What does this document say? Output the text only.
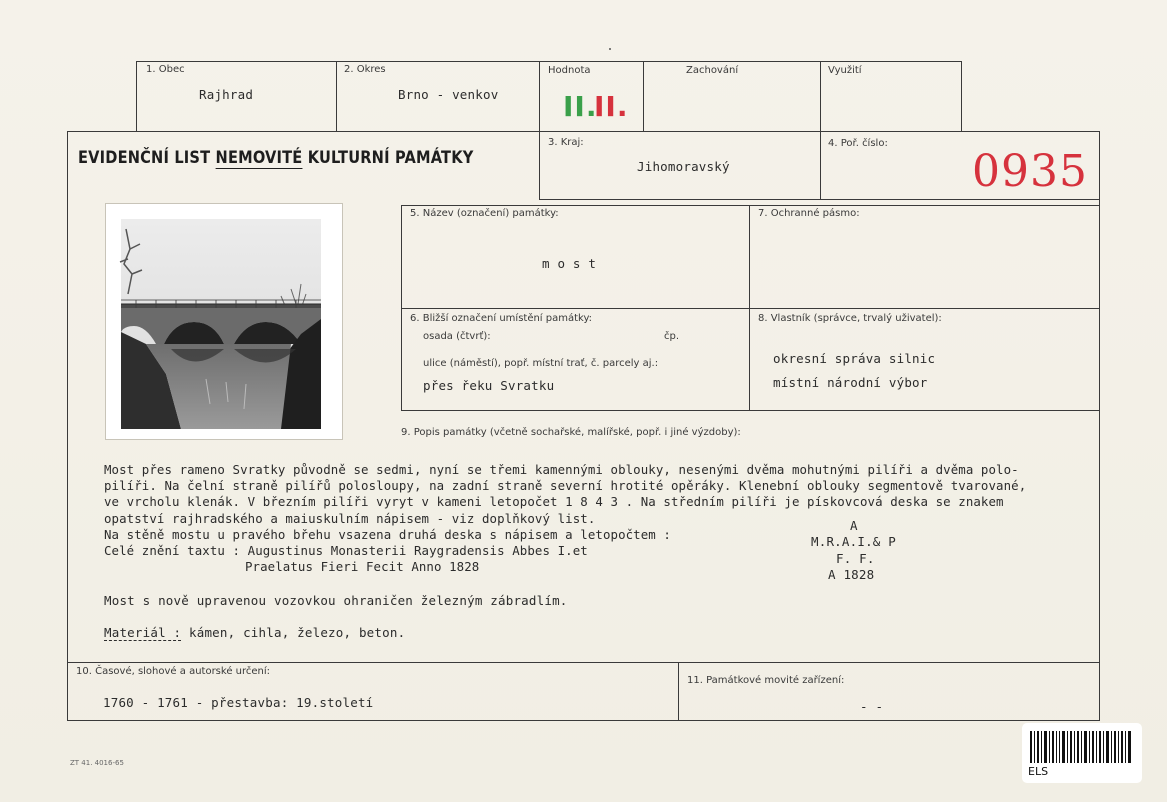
1. Obec
Rajhrad
2. Okres
Brno - venkov
Hodnota
II.
II.
Zachování	Využití
EVIDENČNÍ LIST NEMOVITÉ KULTURNÍ PAMÁTKY
3. Kraj:
Jihomoravský
4. Poř. číslo:
0935
5. Název (označení) památky:
m o s t
7. Ochranné pásmo:
6. Bližší označení umístění památky:
osada (čtvrť):	čp.
ulice (náměstí), popř. místní trať, č. parcely aj.:
přes řeku Svratku
8. Vlastník (správce, trvalý uživatel):
okresní správa silnic
místní národní výbor
9. Popis památky (včetně sochařské, malířské, popř. i jiné výzdoby):
Most přes rameno Svratky původně se sedmi, nyní se třemi kamennými oblouky, nesenými dvěma mohutnými pilíři a dvěma polo-
pilíři. Na čelní straně pilířů polosloupy, na zadní straně severní hrotité opěráky. Klenební oblouky segmentově tvarované,
ve vrcholu klenák. V březním pilíři vyryt v kameni letopočet 1 8 4 3 . Na středním pilíři je pískovcová deska se znakem
opatství rajhradského a maiuskulním nápisem - viz doplňkový list.
Na stěně mostu u pravého břehu vsazena druhá deska s nápisem a letopočtem :
Celé znění taxtu : Augustinus Monasterii Raygradensis Abbes I.et
Praelatus Fieri Fecit Anno 1828
A
M.R.A.I.& P
F. F.
A 1828
Most s nově upravenou vozovkou ohraničen železným zábradlím.
Materiál : kámen, cihla, železo, beton.
10. Časové, slohové a autorské určení:
1760 - 1761 - přestavba: 19.století
11. Památkové movité zařízení:
- -
ZT 41. 4016-65
ELS
